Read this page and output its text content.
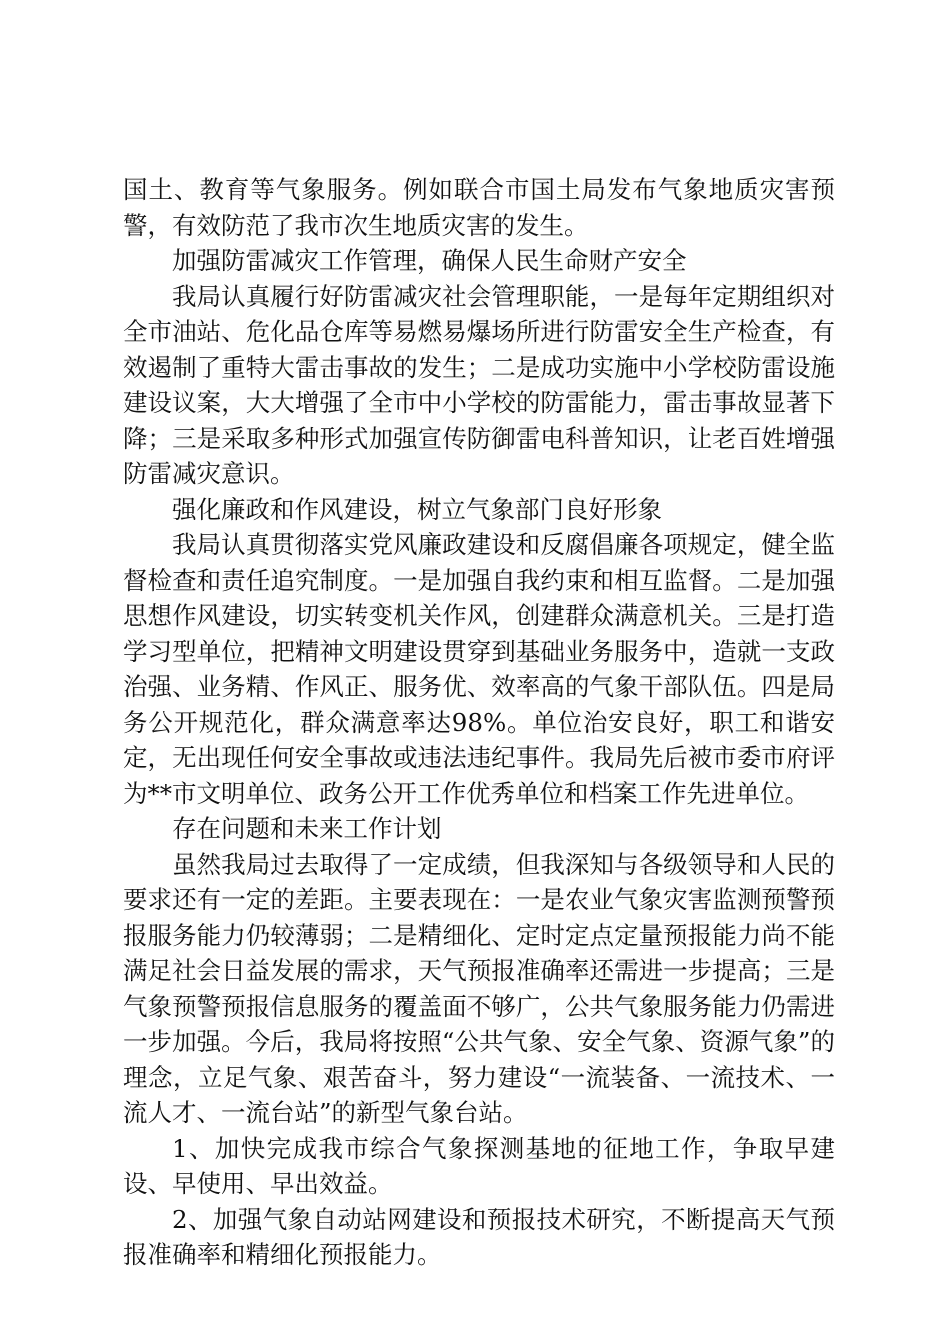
国土、教育等气象服务。例如联合市国土局发布气象地质灾害预警，有效防范了我市次生地质灾害的发生。

加强防雷减灾工作管理，确保人民生命财产安全

我局认真履行好防雷减灾社会管理职能，一是每年定期组织对全市油站、危化品仓库等易燃易爆场所进行防雷安全生产检查，有效遏制了重特大雷击事故的发生；二是成功实施中小学校防雷设施建设议案，大大增强了全市中小学校的防雷能力，雷击事故显著下降；三是采取多种形式加强宣传防御雷电科普知识，让老百姓增强防雷减灾意识。

强化廉政和作风建设，树立气象部门良好形象

我局认真贯彻落实党风廉政建设和反腐倡廉各项规定，健全监督检查和责任追究制度。一是加强自我约束和相互监督。二是加强思想作风建设，切实转变机关作风，创建群众满意机关。三是打造学习型单位，把精神文明建设贯穿到基础业务服务中，造就一支政治强、业务精、作风正、服务优、效率高的气象干部队伍。四是局务公开规范化，群众满意率达98%。单位治安良好，职工和谐安定，无出现任何安全事故或违法违纪事件。我局先后被市委市府评为**市文明单位、政务公开工作优秀单位和档案工作先进单位。

存在问题和未来工作计划

虽然我局过去取得了一定成绩，但我深知与各级领导和人民的要求还有一定的差距。主要表现在：一是农业气象灾害监测预警预报服务能力仍较薄弱；二是精细化、定时定点定量预报能力尚不能满足社会日益发展的需求，天气预报准确率还需进一步提高；三是气象预警预报信息服务的覆盖面不够广，公共气象服务能力仍需进一步加强。今后，我局将按照“公共气象、安全气象、资源气象”的理念，立足气象、艰苦奋斗，努力建设“一流装备、一流技术、一流人才、一流台站”的新型气象台站。

1、加快完成我市综合气象探测基地的征地工作，争取早建设、早使用、早出效益。

2、加强气象自动站网建设和预报技术研究，不断提高天气预报准确率和精细化预报能力。
